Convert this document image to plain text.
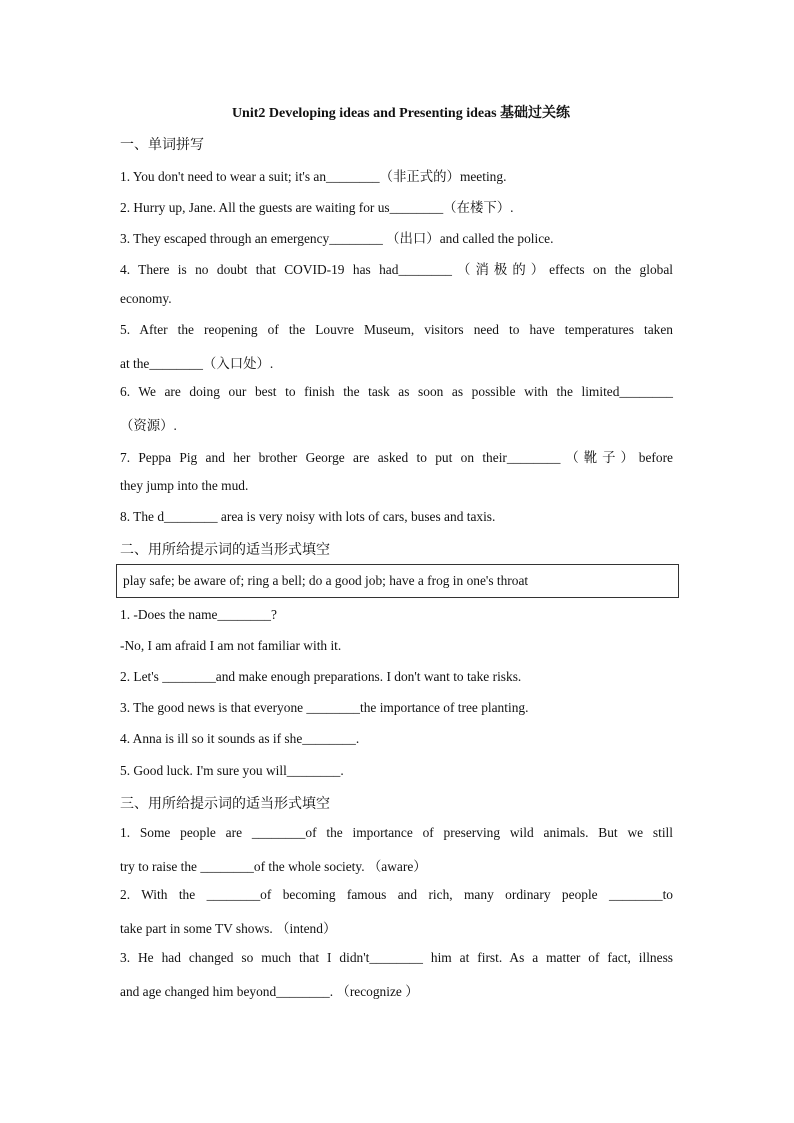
Unit2 Developing ideas and Presenting ideas 基础过关练
一、单词拼写
1. You don't need to wear a suit; it's an________（非正式的）meeting.
2. Hurry up, Jane. All the guests are waiting for us________（在楼下）.
3. They escaped through an emergency________ （出口）and called the police.
4. There is no doubt that COVID-19 has had________（消极的）effects on the global
economy.
5. After the reopening of the Louvre Museum, visitors need to have temperatures taken
at the________（入口处）.
6. We are doing our best to finish the task as soon as possible with the limited________
（资源）.
7. Peppa Pig and her brother George are asked to put on their________（靴子）before
they jump into the mud.
8. The d________ area is very noisy with lots of cars, buses and taxis.
二、用所给提示词的适当形式填空
play safe; be aware of; ring a bell; do a good job; have a frog in one's throat
1. -Does the name________?
-No, I am afraid I am not familiar with it.
2. Let's ________and make enough preparations. I don't want to take risks.
3. The good news is that everyone ________the importance of tree planting.
4. Anna is ill so it sounds as if she________.
5. Good luck. I'm sure you will________.
三、用所给提示词的适当形式填空
1. Some people are ________of the importance of preserving wild animals. But we still
try to raise the ________of the whole society. （aware）
2. With the ________of becoming famous and rich, many ordinary people ________to
take part in some TV shows. （intend）
3. He had changed so much that I didn't________ him at first. As a matter of fact, illness
and age changed him beyond________. （recognize ）
